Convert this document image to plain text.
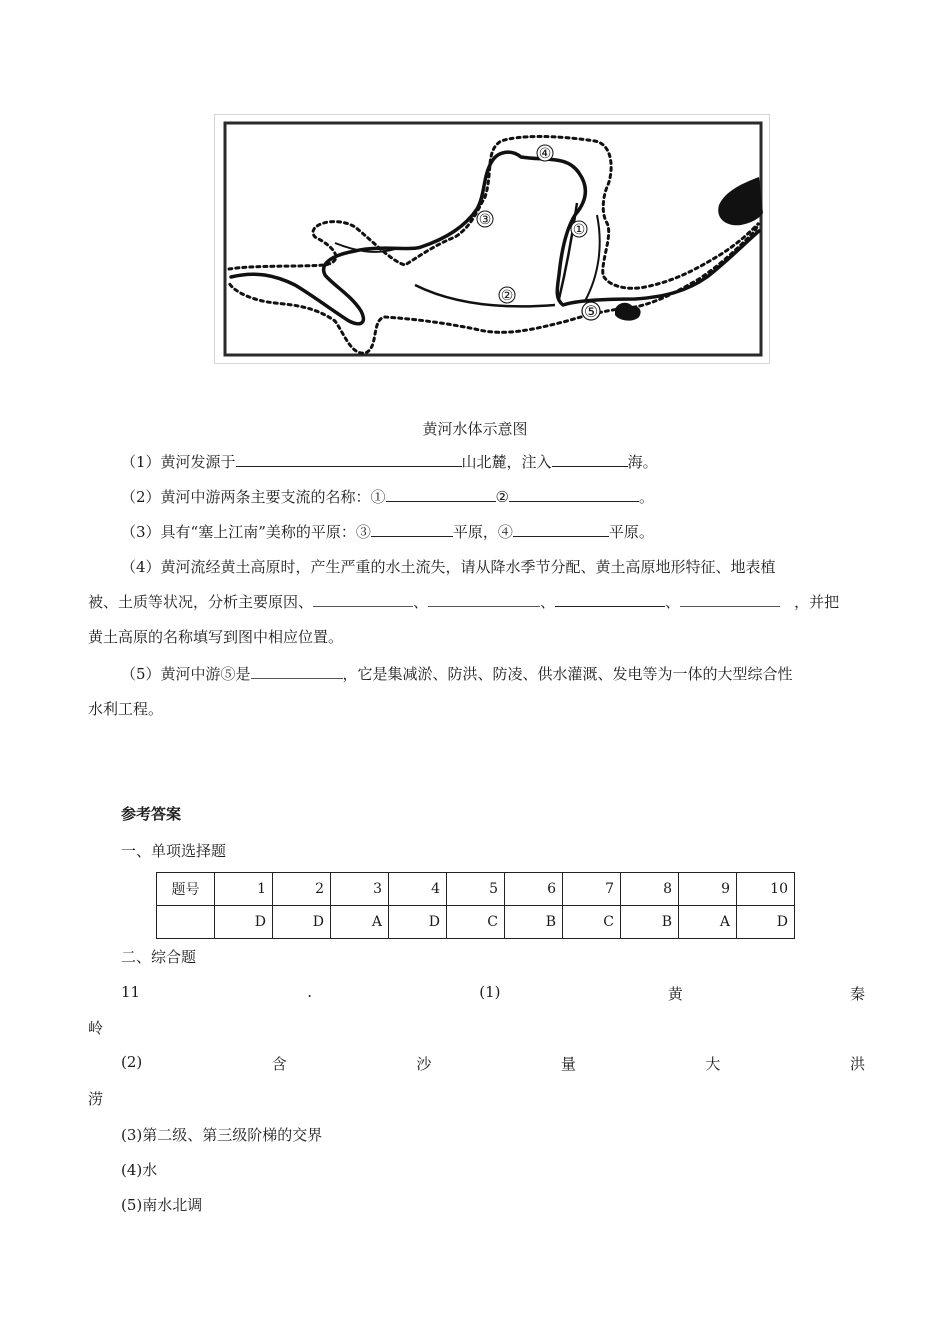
④
③
①
②
⑤
黄河水体示意图
（1）黄河发源于	山北麓，注入	海。
（2）黄河中游两条主要支流的名称：①	②	。
（3）具有“塞上江南”美称的平原：③	平原，④	平原。
（4）黄河流经黄土高原时，产生严重的水土流失，请从降水季节分配、黄土高原地形特征、地表植
被、土质等状况，分析主要原因、	、	、	、	，并把
黄土高原的名称填写到图中相应位置。
（5）黄河中游⑤是	，它是集减淤、防洪、防凌、供水灌溉、发电等为一体的大型综合性
水利工程。
参考答案
一、单项选择题
题号	1	2	3	4	5	6	7	8	9	10
	D	D	A	D	C	B	C	B	A	D
二、综合题
11	.	(1)	黄	秦
岭
(2)	含	沙	量	大	洪
涝
(3)第二级、第三级阶梯的交界
(4)水
(5)南水北调
